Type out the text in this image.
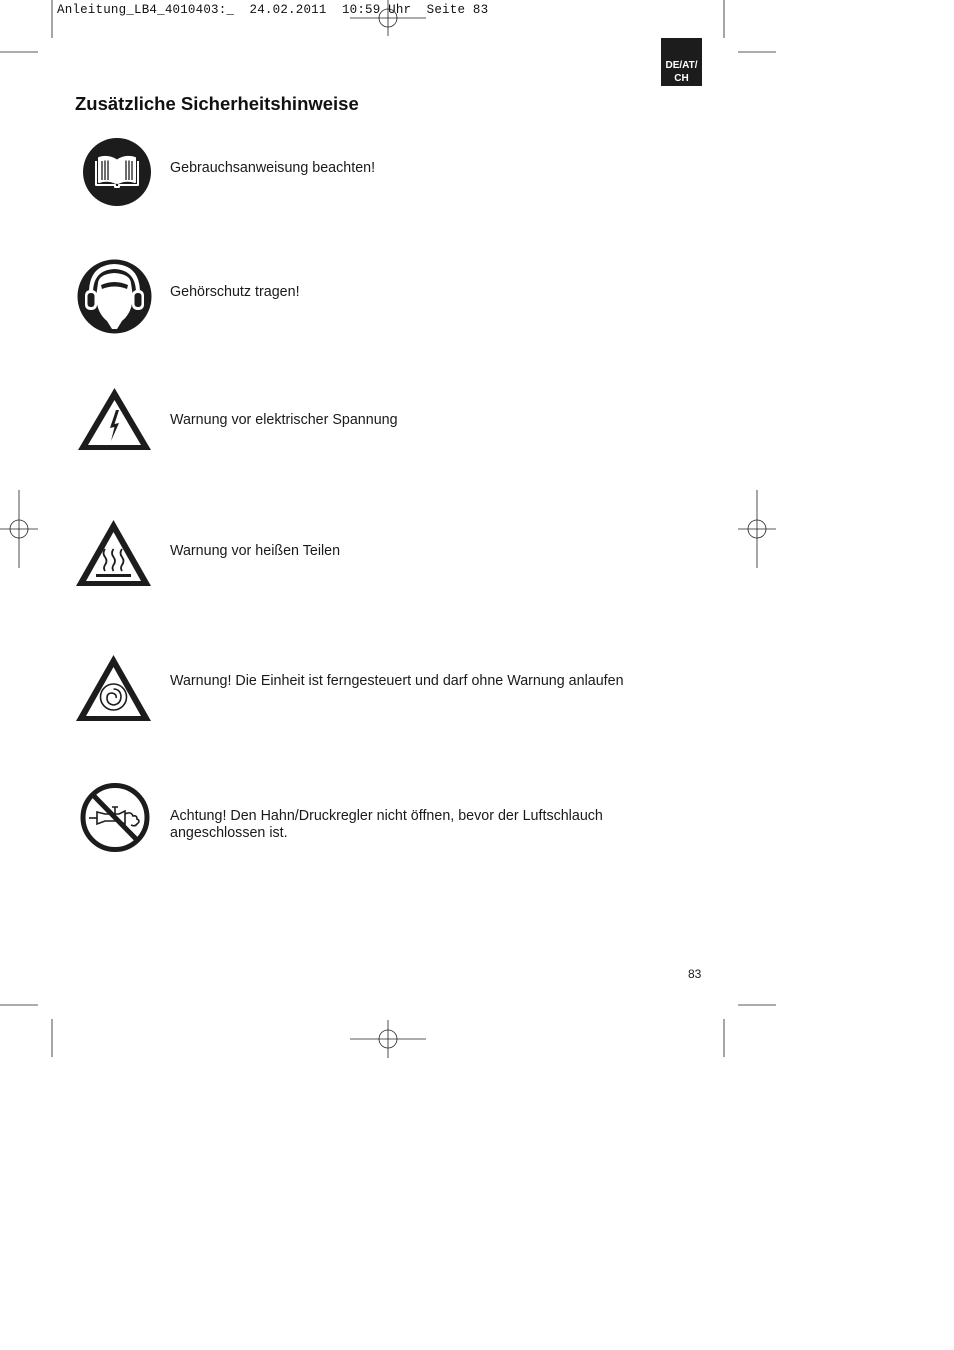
Anleitung_LB4_4010403:_  24.02.2011  10:59 Uhr  Seite 83
DE/AT/
CH
Zusätzliche Sicherheitshinweise

Gebrauchsanweisung beachten!

Gehörschutz tragen!

Warnung vor elektrischer Spannung

Warnung vor heißen Teilen

Warnung! Die Einheit ist ferngesteuert und darf ohne Warnung anlaufen

Achtung! Den Hahn/Druckregler nicht öffnen, bevor der Luftschlauch angeschlossen ist.

83
